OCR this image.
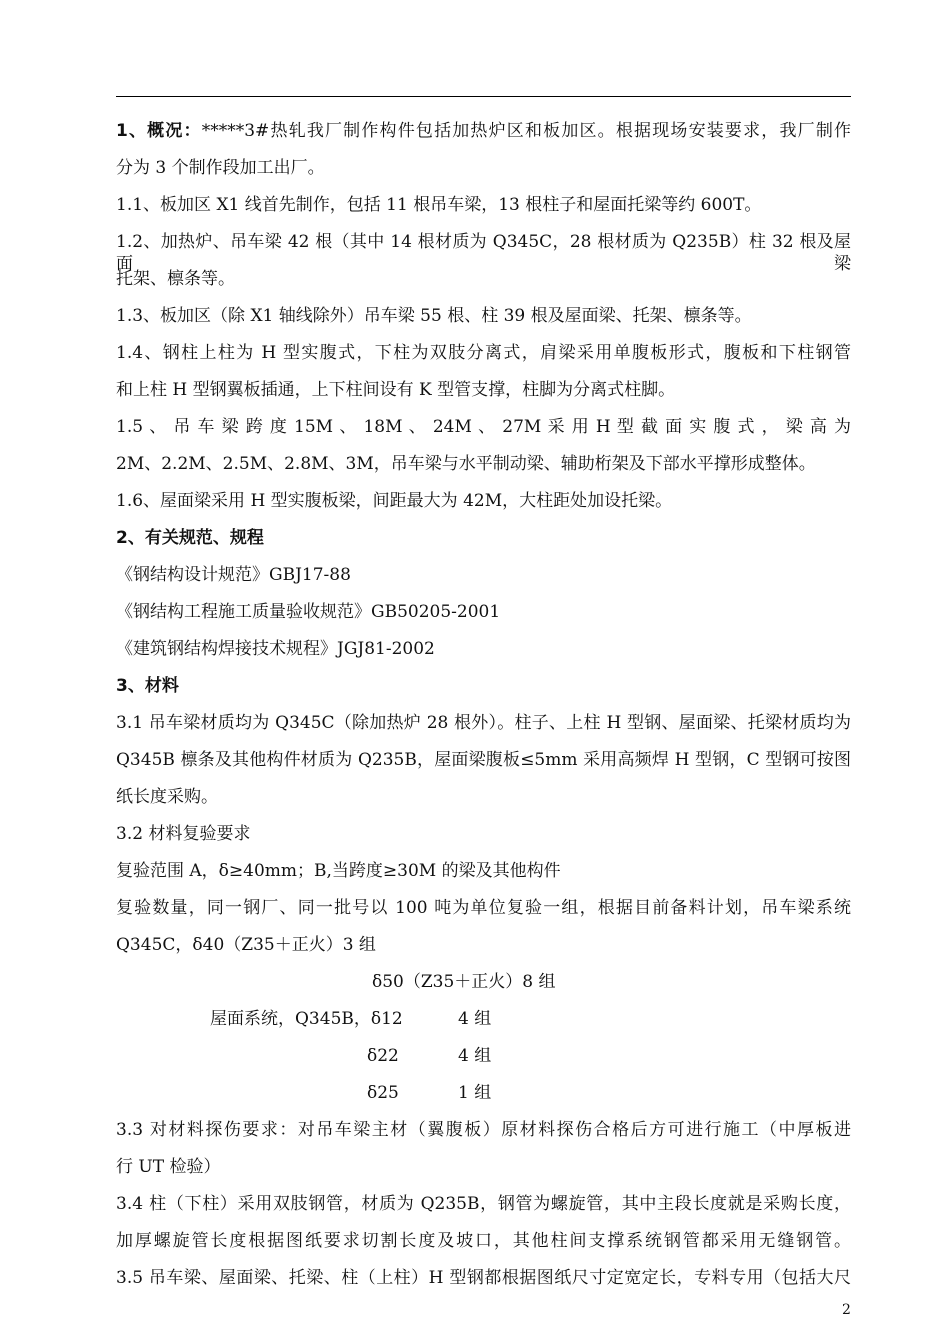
1、概况：*****3#热轧我厂制作构件包括加热炉区和板加区。根据现场安装要求，我厂制作
分为 3 个制作段加工出厂。
1.1、板加区 X1 线首先制作，包括 11 根吊车梁，13 根柱子和屋面托梁等约 600T。
1.2、加热炉、吊车梁 42 根（其中 14 根材质为 Q345C，28 根材质为 Q235B）柱 32 根及屋面梁
托架、檩条等。
1.3、板加区（除 X1 轴线除外）吊车梁 55 根、柱 39 根及屋面梁、托架、檩条等。
1.4、钢柱上柱为 H 型实腹式，下柱为双肢分离式，肩梁采用单腹板形式，腹板和下柱钢管
和上柱 H 型钢翼板插通，上下柱间设有 K 型管支撑，柱脚为分离式柱脚。
1.5 、 吊 车 梁 跨 度 15M 、 18M 、 24M 、 27M 采 用 H 型 截 面 实 腹 式 ， 梁 高 为
2M、2.2M、2.5M、2.8M、3M，吊车梁与水平制动梁、辅助桁架及下部水平撑形成整体。
1.6、屋面梁采用 H 型实腹板梁，间距最大为 42M，大柱距处加设托梁。
2、有关规范、规程
《钢结构设计规范》GBJ17-88
《钢结构工程施工质量验收规范》GB50205-2001
《建筑钢结构焊接技术规程》JGJ81-2002
3、材料
3.1 吊车梁材质均为 Q345C（除加热炉 28 根外）。柱子、上柱 H 型钢、屋面梁、托梁材质均为
Q345B 檩条及其他构件材质为 Q235B，屋面梁腹板≤5mm 采用高频焊 H 型钢，C 型钢可按图
纸长度采购。
3.2 材料复验要求
复验范围 A，δ≥40mm；B,当跨度≥30M 的梁及其他构件
复验数量，同一钢厂、同一批号以 100 吨为单位复验一组，根据目前备料计划，吊车梁系统
Q345C，δ40（Z35＋正火）3 组
δ50（Z35＋正火）8 组
屋面系统，Q345B，δ12	4 组
δ22	4 组
δ25	1 组
3.3 对材料探伤要求：对吊车梁主材（翼腹板）原材料探伤合格后方可进行施工（中厚板进
行 UT 检验）
3.4 柱（下柱）采用双肢钢管，材质为 Q235B，钢管为螺旋管，其中主段长度就是采购长度，
加厚螺旋管长度根据图纸要求切割长度及坡口，其他柱间支撑系统钢管都采用无缝钢管。
3.5 吊车梁、屋面梁、托梁、柱（上柱）H 型钢都根据图纸尺寸定宽定长，专料专用（包括大尺
2
